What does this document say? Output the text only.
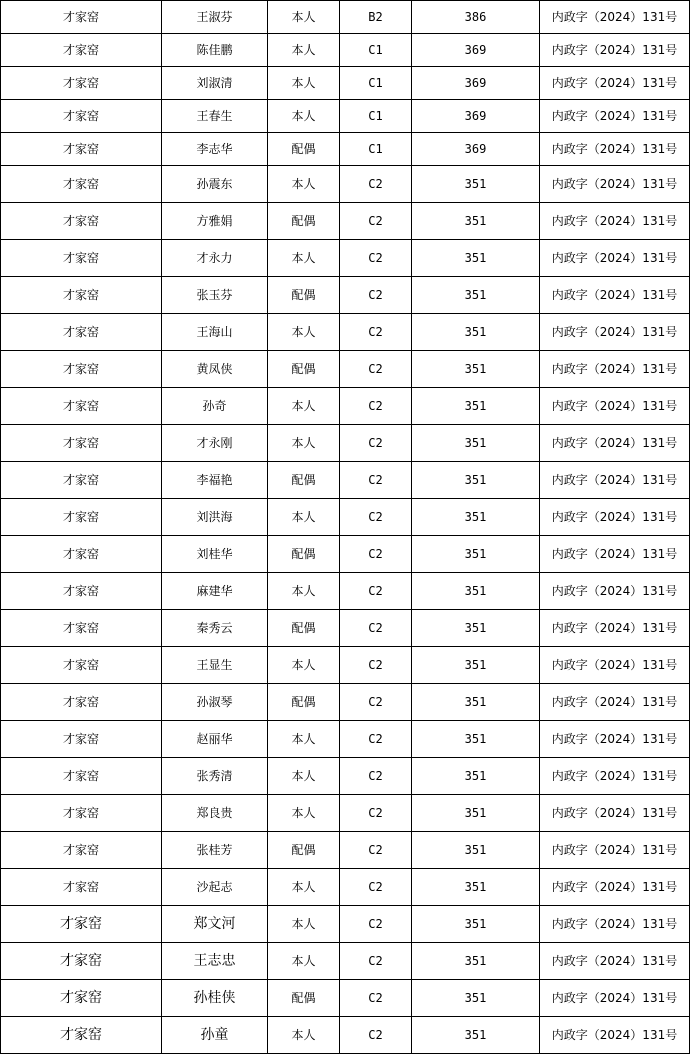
才家窑	王淑芬	本人	B2	386	内政字（2024）131号
才家窑	陈佳鹏	本人	C1	369	内政字（2024）131号
才家窑	刘淑清	本人	C1	369	内政字（2024）131号
才家窑	王春生	本人	C1	369	内政字（2024）131号
才家窑	李志华	配偶	C1	369	内政字（2024）131号
才家窑	孙震东	本人	C2	351	内政字（2024）131号
才家窑	方雅娟	配偶	C2	351	内政字（2024）131号
才家窑	才永力	本人	C2	351	内政字（2024）131号
才家窑	张玉芬	配偶	C2	351	内政字（2024）131号
才家窑	王海山	本人	C2	351	内政字（2024）131号
才家窑	黄凤侠	配偶	C2	351	内政字（2024）131号
才家窑	孙奇	本人	C2	351	内政字（2024）131号
才家窑	才永刚	本人	C2	351	内政字（2024）131号
才家窑	李福艳	配偶	C2	351	内政字（2024）131号
才家窑	刘洪海	本人	C2	351	内政字（2024）131号
才家窑	刘桂华	配偶	C2	351	内政字（2024）131号
才家窑	麻建华	本人	C2	351	内政字（2024）131号
才家窑	秦秀云	配偶	C2	351	内政字（2024）131号
才家窑	王显生	本人	C2	351	内政字（2024）131号
才家窑	孙淑琴	配偶	C2	351	内政字（2024）131号
才家窑	赵丽华	本人	C2	351	内政字（2024）131号
才家窑	张秀清	本人	C2	351	内政字（2024）131号
才家窑	郑良贵	本人	C2	351	内政字（2024）131号
才家窑	张桂芳	配偶	C2	351	内政字（2024）131号
才家窑	沙起志	本人	C2	351	内政字（2024）131号
才家窑	郑文河	本人	C2	351	内政字（2024）131号
才家窑	王志忠	本人	C2	351	内政字（2024）131号
才家窑	孙桂侠	配偶	C2	351	内政字（2024）131号
才家窑	孙童	本人	C2	351	内政字（2024）131号
